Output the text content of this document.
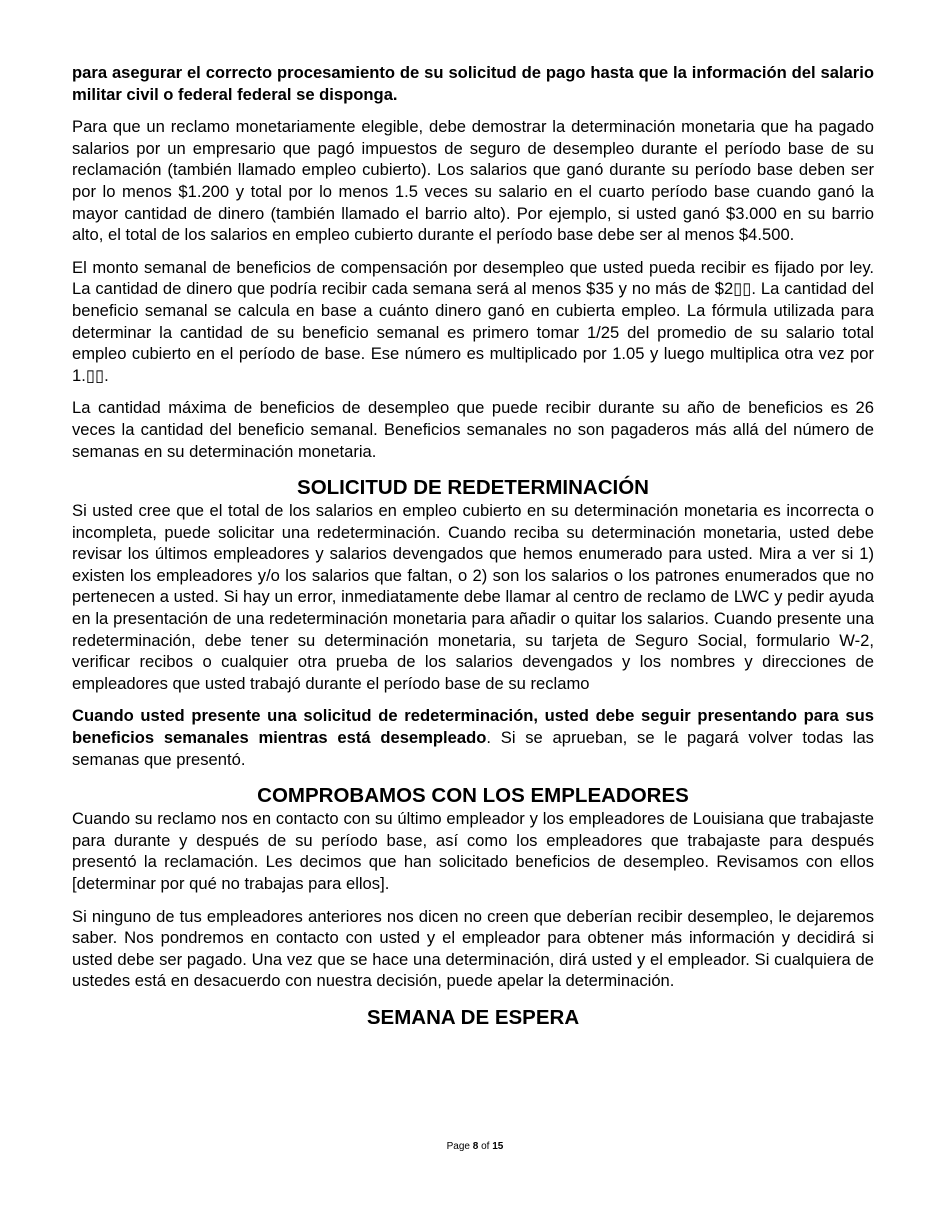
para asegurar el correcto procesamiento de su solicitud de pago hasta que la información del salario militar civil o federal federal se disponga.

Para que un reclamo monetariamente elegible, debe demostrar la determinación monetaria que ha pagado salarios por un empresario que pagó impuestos de seguro de desempleo durante el período base de su reclamación (también llamado empleo cubierto). Los salarios que ganó durante su período base deben ser por lo menos $1.200 y total por lo menos 1.5 veces su salario en el cuarto período base cuando ganó la mayor cantidad de dinero (también llamado el barrio alto). Por ejemplo, si usted ganó $3.000 en su barrio alto, el total de los salarios en empleo cubierto durante el período base debe ser al menos $4.500.

El monto semanal de beneficios de compensación por desempleo que usted pueda recibir es fijado por ley. La cantidad de dinero que podría recibir cada semana será al menos $35 y no más de $2▯▯. La cantidad del beneficio semanal se calcula en base a cuánto dinero ganó en cubierta empleo. La fórmula utilizada para determinar la cantidad de su beneficio semanal es primero tomar 1/25 del promedio de su salario total empleo cubierto en el período de base. Ese número es multiplicado por 1.05 y luego multiplica otra vez por 1.▯▯.

La cantidad máxima de beneficios de desempleo que puede recibir durante su año de beneficios es 26 veces la cantidad del beneficio semanal. Beneficios semanales no son pagaderos más allá del número de semanas en su determinación monetaria.

SOLICITUD DE REDETERMINACIÓN

Si usted cree que el total de los salarios en empleo cubierto en su determinación monetaria es incorrecta o incompleta, puede solicitar una redeterminación. Cuando reciba su determinación monetaria, usted debe revisar los últimos empleadores y salarios devengados que hemos enumerado para usted. Mira a ver si 1) existen los empleadores y/o los salarios que faltan, o 2) son los salarios o los patrones enumerados que no pertenecen a usted. Si hay un error, inmediatamente debe llamar al centro de reclamo de LWC y pedir ayuda en la presentación de una redeterminación monetaria para añadir o quitar los salarios. Cuando presente una redeterminación, debe tener su determinación monetaria, su tarjeta de Seguro Social, formulario W-2, verificar recibos o cualquier otra prueba de los salarios devengados y los nombres y direcciones de empleadores que usted trabajó durante el período base de su reclamo

Cuando usted presente una solicitud de redeterminación, usted debe seguir presentando para sus beneficios semanales mientras está desempleado. Si se aprueban, se le pagará volver todas las semanas que presentó.

COMPROBAMOS CON LOS EMPLEADORES

Cuando su reclamo nos en contacto con su último empleador y los empleadores de Louisiana que trabajaste para durante y después de su período base, así como los empleadores que trabajaste para después presentó la reclamación. Les decimos que han solicitado beneficios de desempleo. Revisamos con ellos [determinar por qué no trabajas para ellos].

Si ninguno de tus empleadores anteriores nos dicen no creen que deberían recibir desempleo, le dejaremos saber. Nos pondremos en contacto con usted y el empleador para obtener más información y decidirá si usted debe ser pagado. Una vez que se hace una determinación, dirá usted y el empleador. Si cualquiera de ustedes está en desacuerdo con nuestra decisión, puede apelar la determinación.

SEMANA DE ESPERA
Page 8 of 15
